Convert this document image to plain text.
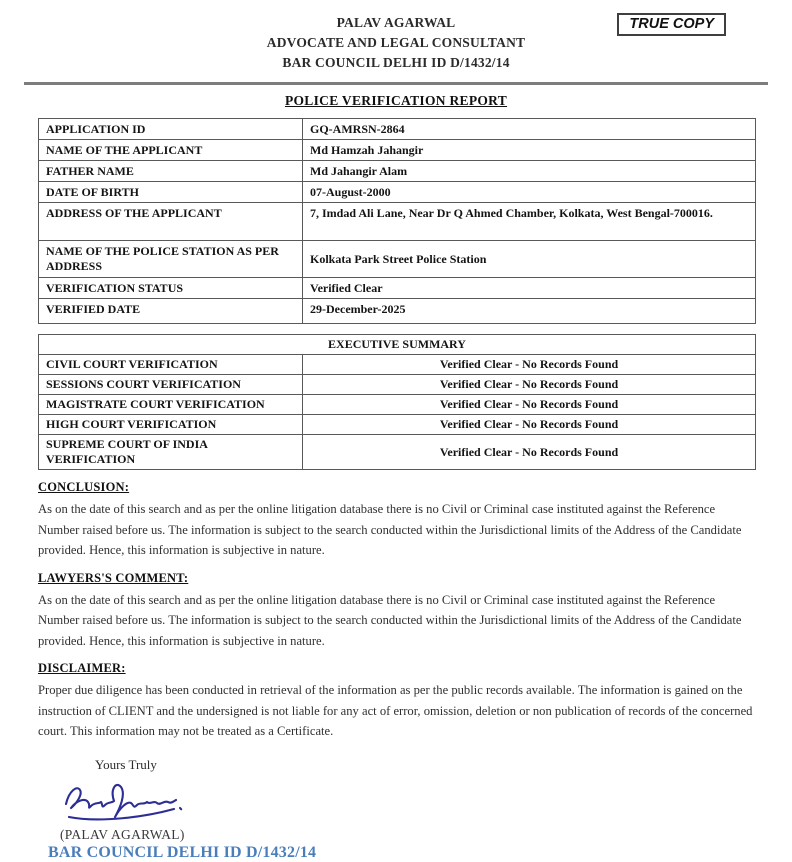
PALAV AGARWAL
ADVOCATE AND LEGAL CONSULTANT
BAR COUNCIL DELHI ID D/1432/14
TRUE COPY
POLICE VERIFICATION REPORT
APPLICATION ID	GQ-AMRSN-2864
NAME OF THE APPLICANT	Md Hamzah Jahangir
FATHER NAME	Md Jahangir Alam
DATE OF BIRTH	07-August-2000
ADDRESS OF THE APPLICANT	7, Imdad Ali Lane, Near Dr Q Ahmed Chamber, Kolkata, West Bengal-700016.
NAME OF THE POLICE STATION AS PER ADDRESS	Kolkata Park Street Police Station
VERIFICATION STATUS	Verified Clear
VERIFIED DATE	29-December-2025
EXECUTIVE SUMMARY	
CIVIL COURT VERIFICATION	Verified Clear - No Records Found
SESSIONS COURT VERIFICATION	Verified Clear - No Records Found
MAGISTRATE COURT VERIFICATION	Verified Clear - No Records Found
HIGH COURT VERIFICATION	Verified Clear - No Records Found
SUPREME COURT OF INDIA VERIFICATION	Verified Clear - No Records Found
CONCLUSION:
As on the date of this search and as per the online litigation database there is no Civil or Criminal case instituted against the Reference Number raised before us. The information is subject to the search conducted within the Jurisdictional limits of the Address of the Candidate provided. Hence, this information is subjective in nature.
LAWYERS'S COMMENT:
As on the date of this search and as per the online litigation database there is no Civil or Criminal case instituted against the Reference Number raised before us. The information is subject to the search conducted within the Jurisdictional limits of the Address of the Candidate provided. Hence, this information is subjective in nature.
DISCLAIMER:
Proper due diligence has been conducted in retrieval of the information as per the public records available. The information is gained on the instruction of CLIENT and the undersigned is not liable for any act of error, omission, deletion or non publication of records of the concerned court. This information may not be treated as a Certificate.
Yours Truly
(PALAV AGARWAL)
BAR COUNCIL DELHI ID D/1432/14
